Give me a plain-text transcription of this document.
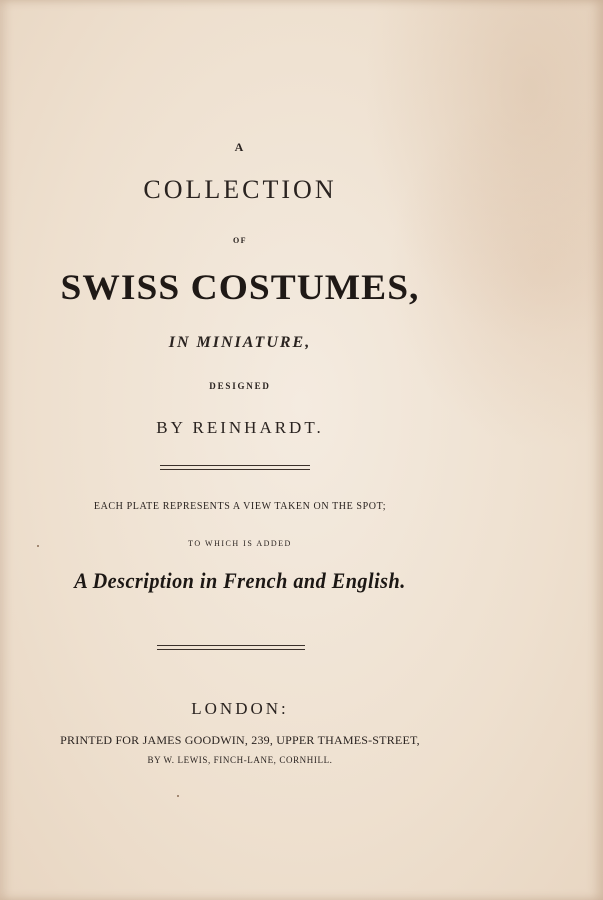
A
COLLECTION
OF
SWISS COSTUMES,
IN MINIATURE,
DESIGNED
BY REINHARDT.
EACH PLATE REPRESENTS A VIEW TAKEN ON THE SPOT;
TO WHICH IS ADDED
A Description in French and English.
LONDON:
PRINTED FOR JAMES GOODWIN, 239, UPPER THAMES-STREET,
BY W. LEWIS, FINCH-LANE, CORNHILL.
